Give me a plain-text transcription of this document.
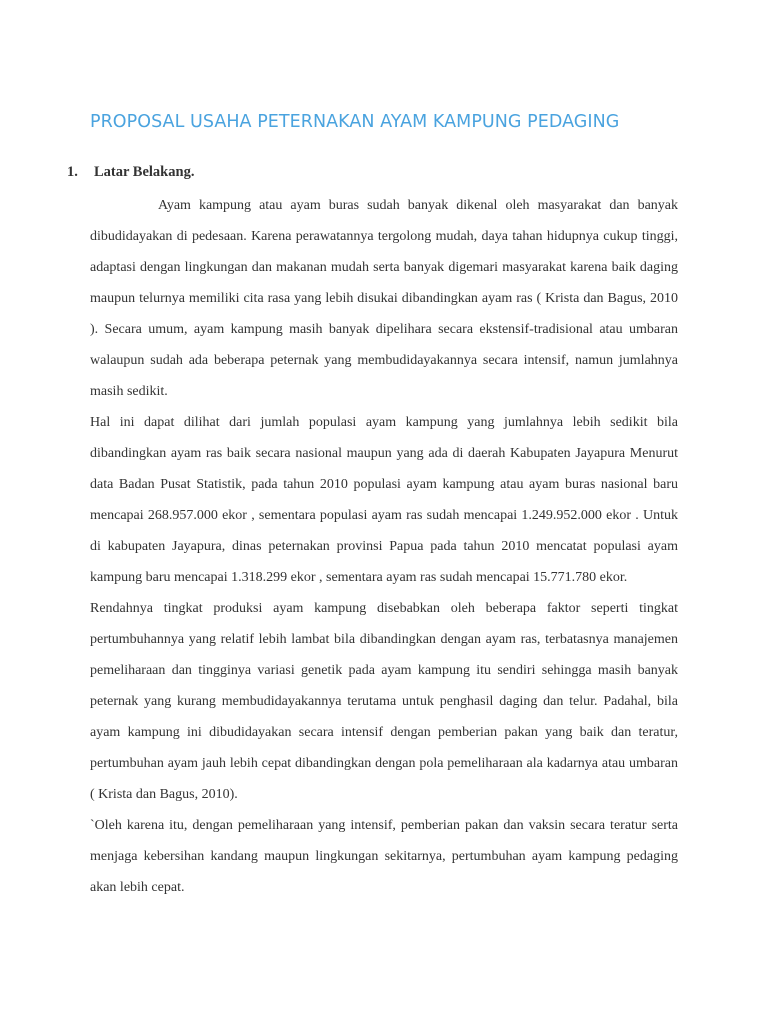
PROPOSAL USAHA PETERNAKAN AYAM KAMPUNG PEDAGING
1. Latar Belakang.

Ayam kampung atau ayam buras sudah banyak dikenal oleh masyarakat dan banyak dibudidayakan di pedesaan. Karena perawatannya tergolong mudah, daya tahan hidupnya cukup tinggi, adaptasi dengan lingkungan dan makanan mudah serta banyak digemari masyarakat karena baik daging maupun telurnya memiliki cita rasa yang lebih disukai dibandingkan ayam ras ( Krista dan Bagus, 2010 ). Secara umum, ayam kampung masih banyak dipelihara secara ekstensif-tradisional atau umbaran walaupun sudah ada beberapa peternak yang membudidayakannya secara intensif, namun jumlahnya masih sedikit.

Hal ini dapat dilihat dari jumlah populasi ayam kampung yang jumlahnya lebih sedikit bila dibandingkan ayam ras baik secara nasional maupun yang ada di daerah Kabupaten Jayapura Menurut data Badan Pusat Statistik, pada tahun 2010 populasi ayam kampung atau ayam buras nasional baru mencapai 268.957.000 ekor , sementara populasi ayam ras sudah mencapai 1.249.952.000 ekor . Untuk di kabupaten Jayapura, dinas peternakan provinsi Papua pada tahun 2010 mencatat populasi ayam kampung baru mencapai 1.318.299 ekor , sementara ayam ras sudah mencapai 15.771.780 ekor.

Rendahnya tingkat produksi ayam kampung disebabkan oleh beberapa faktor seperti tingkat pertumbuhannya yang relatif lebih lambat bila dibandingkan dengan ayam ras, terbatasnya manajemen pemeliharaan dan tingginya variasi genetik pada ayam kampung itu sendiri sehingga masih banyak peternak yang kurang membudidayakannya terutama untuk penghasil daging dan telur. Padahal, bila ayam kampung ini dibudidayakan secara intensif dengan pemberian pakan yang baik dan teratur, pertumbuhan ayam jauh lebih cepat dibandingkan dengan pola pemeliharaan ala kadarnya atau umbaran ( Krista dan Bagus, 2010).

`Oleh karena itu, dengan pemeliharaan yang intensif, pemberian pakan dan vaksin secara teratur serta menjaga kebersihan kandang maupun lingkungan sekitarnya, pertumbuhan ayam kampung pedaging akan lebih cepat.
